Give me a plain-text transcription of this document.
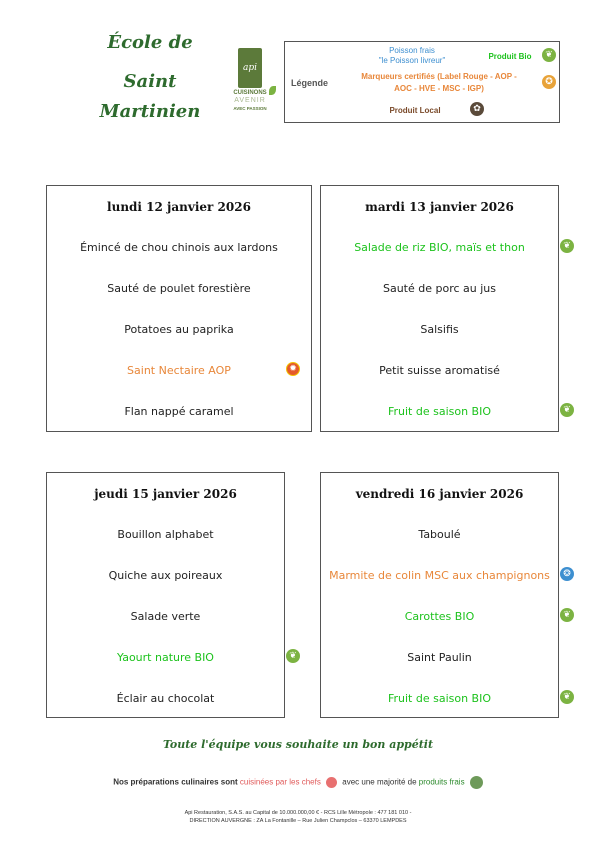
École de
Saint
Martinien
api
CUISINONS
AVENIR
AVEC PASSION
Légende
Poisson frais
"le Poisson livreur"	Produit Bio	❦
Marqueurs certifiés (Label Rouge - AOP -
AOC - HVE - MSC - IGP)
✪
Produit Local	✿
lundi 12 janvier 2026
Émincé de chou chinois aux lardons
Sauté de poulet forestière
Potatoes au paprika
Saint Nectaire AOP
Flan nappé caramel
✹
mardi 13 janvier 2026
Salade de riz BIO, maïs et thon
Sauté de porc au jus
Salsifis
Petit suisse aromatisé
Fruit de saison BIO
❦
❦
jeudi 15 janvier 2026
Bouillon alphabet
Quiche aux poireaux
Salade verte
Yaourt nature BIO
Éclair au chocolat
❦
vendredi 16 janvier 2026
Taboulé
Marmite de colin MSC aux champignons
Carottes BIO
Saint Paulin
Fruit de saison BIO
❂
❦
❦
Toute l'équipe vous souhaite un bon appétit
Nos préparations culinaires sont cuisinées par les chefs  avec une majorité de produits frais
Api Restauration, S.A.S. au Capital de 10.000.000,00 € - RCS Lille Métropole : 477 181 010 -
DIRECTION AUVERGNE : ZA La Fontanille – Rue Julien Champclos – 63370 LEMPDES
